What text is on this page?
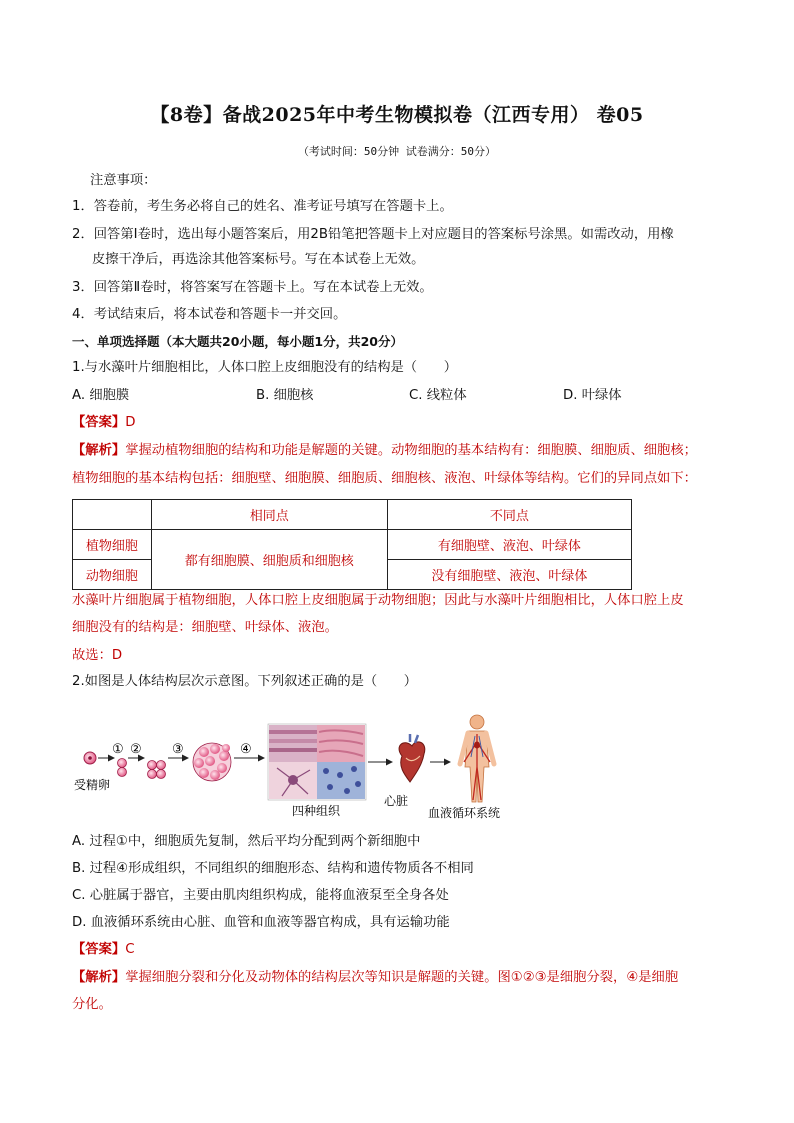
【8卷】备战2025年中考生物模拟卷（江西专用） 卷05
（考试时间：50分钟 试卷满分：50分）
注意事项：
1．答卷前，考生务必将自己的姓名、准考证号填写在答题卡上。
2．回答第Ⅰ卷时，选出每小题答案后，用2B铅笔把答题卡上对应题目的答案标号涂黑。如需改动，用橡
皮擦干净后，再选涂其他答案标号。写在本试卷上无效。
3．回答第Ⅱ卷时，将答案写在答题卡上。写在本试卷上无效。
4．考试结束后，将本试卷和答题卡一并交回。
一、单项选择题（本大题共20小题，每小题1分，共20分）
1.与水藻叶片细胞相比，人体口腔上皮细胞没有的结构是（　　）
A. 细胞膜	B. 细胞核	C. 线粒体	D. 叶绿体
【答案】D
【解析】掌握动植物细胞的结构和功能是解题的关键。动物细胞的基本结构有：细胞膜、细胞质、细胞核；
植物细胞的基本结构包括：细胞壁、细胞膜、细胞质、细胞核、液泡、叶绿体等结构。它们的异同点如下：
	相同点	不同点
植物细胞	都有细胞膜、细胞质和细胞核	有细胞壁、液泡、叶绿体
动物细胞		没有细胞壁、液泡、叶绿体
水藻叶片细胞属于植物细胞，人体口腔上皮细胞属于动物细胞；因此与水藻叶片细胞相比，人体口腔上皮
细胞没有的结构是：细胞壁、叶绿体、液泡。
故选：D
2.如图是人体结构层次示意图。下列叙述正确的是（　　）
① ② ③	④
受精卵
四种组织
心脏
血液循环系统
A. 过程①中，细胞质先复制，然后平均分配到两个新细胞中
B. 过程④形成组织，不同组织的细胞形态、结构和遗传物质各不相同
C. 心脏属于器官，主要由肌肉组织构成，能将血液泵至全身各处
D. 血液循环系统由心脏、血管和血液等器官构成，具有运输功能
【答案】C
【解析】掌握细胞分裂和分化及动物体的结构层次等知识是解题的关键。图①②③是细胞分裂，④是细胞
分化。
